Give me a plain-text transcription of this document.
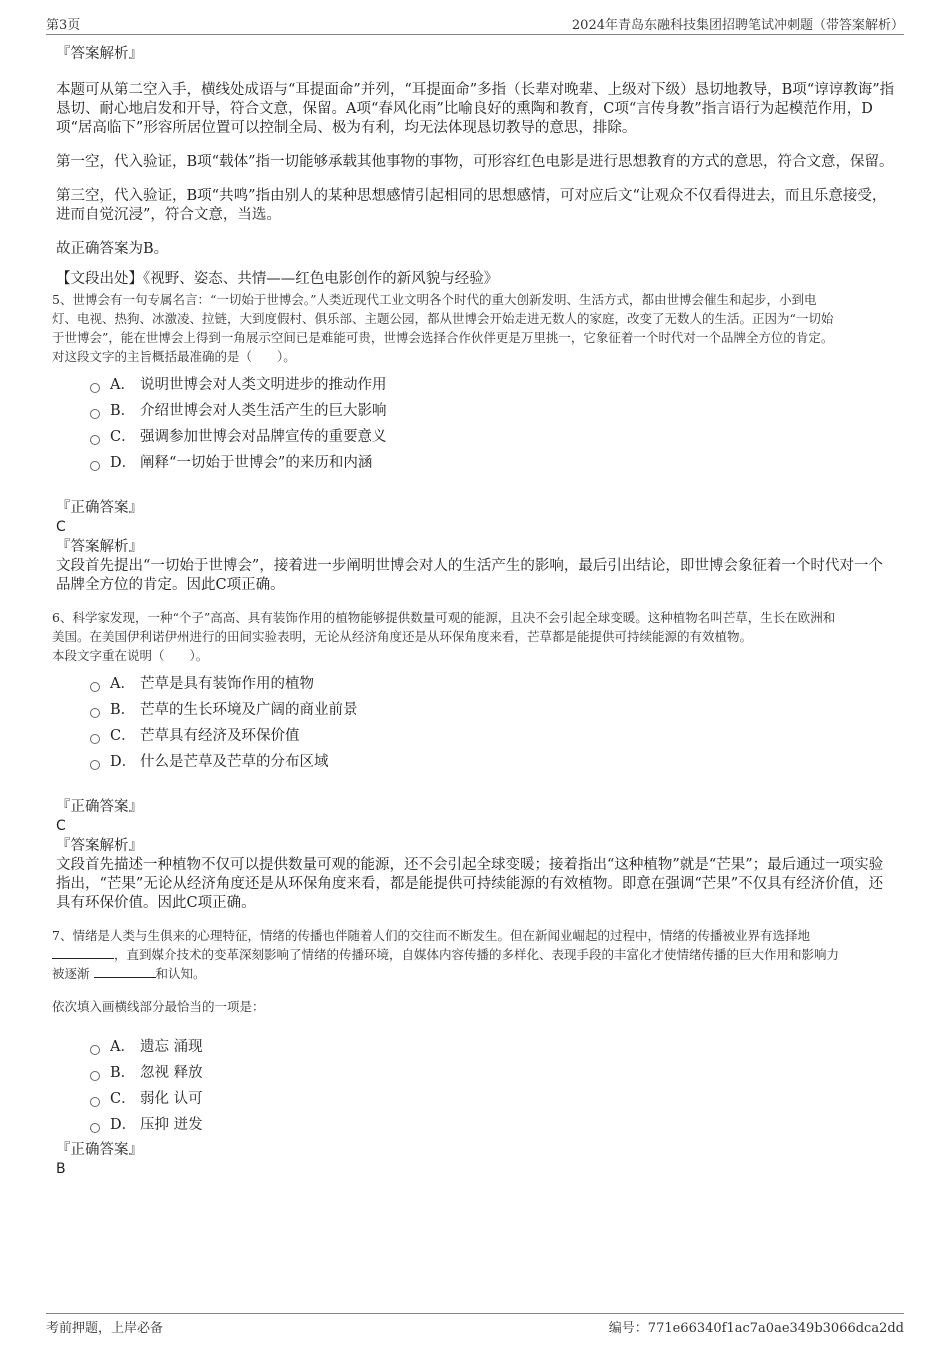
第3页	2024年青岛东融科技集团招聘笔试冲刺题（带答案解析）

『答案解析』

本题可从第二空入手，横线处成语与“耳提面命”并列，“耳提面命”多指（长辈对晚辈、上级对下级）恳切地教导，B项“谆谆教诲”指恳切、耐心地启发和开导，符合文意，保留。A项“春风化雨”比喻良好的熏陶和教育，C项“言传身教”指言语行为起模范作用，D项“居高临下”形容所居位置可以控制全局、极为有利，均无法体现恳切教导的意思，排除。

第一空，代入验证，B项“载体”指一切能够承载其他事物的事物，可形容红色电影是进行思想教育的方式的意思，符合文意，保留。

第三空，代入验证，B项“共鸣”指由别人的某种思想感情引起相同的思想感情，可对应后文“让观众不仅看得进去，而且乐意接受，进而自觉沉浸”，符合文意，当选。

故正确答案为B。

【文段出处】《视野、姿态、共情——红色电影创作的新风貌与经验》

5、世博会有一句专属名言：“一切始于世博会。”人类近现代工业文明各个时代的重大创新发明、生活方式，都由世博会催生和起步，小到电

灯、电视、热狗、冰激凌、拉链，大到度假村、俱乐部、主题公园，都从世博会开始走进无数人的家庭，改变了无数人的生活。正因为“一切始

于世博会”，能在世博会上得到一角展示空间已是难能可贵，世博会选择合作伙伴更是万里挑一，它象征着一个时代对一个品牌全方位的肯定。

对这段文字的主旨概括最准确的是（　　）。

A． 说明世博会对人类文明进步的推动作用
B． 介绍世博会对人类生活产生的巨大影响
C． 强调参加世博会对品牌宣传的重要意义
D． 阐释“一切始于世博会”的来历和内涵

『正确答案』

C

『答案解析』

文段首先提出“一切始于世博会”，接着进一步阐明世博会对人的生活产生的影响，最后引出结论，即世博会象征着一个时代对一个品牌全方位的肯定。因此C项正确。

6、科学家发现，一种“个子”高高、具有装饰作用的植物能够提供数量可观的能源，且决不会引起全球变暖。这种植物名叫芒草，生长在欧洲和

美国。在美国伊利诺伊州进行的田间实验表明，无论从经济角度还是从环保角度来看，芒草都是能提供可持续能源的有效植物。

本段文字重在说明（　　）。

A． 芒草是具有装饰作用的植物
B． 芒草的生长环境及广阔的商业前景
C． 芒草具有经济及环保价值
D． 什么是芒草及芒草的分布区域

『正确答案』

C

『答案解析』

文段首先描述一种植物不仅可以提供数量可观的能源，还不会引起全球变暖；接着指出“这种植物”就是“芒果”；最后通过一项实验指出，“芒果”无论从经济角度还是从环保角度来看，都是能提供可持续能源的有效植物。即意在强调“芒果”不仅具有经济价值，还具有环保价值。因此C项正确。

7、情绪是人类与生俱来的心理特征，情绪的传播也伴随着人们的交往而不断发生。但在新闻业崛起的过程中，情绪的传播被业界有选择地

，直到媒介技术的变革深刻影响了情绪的传播环境，自媒体内容传播的多样化、表现手段的丰富化才使情绪传播的巨大作用和影响力

被逐渐	和认知。

依次填入画横线部分最恰当的一项是：

A． 遗忘 涌现
B． 忽视 释放
C． 弱化 认可
D． 压抑 迸发

『正确答案』

B

考前押题，上岸必备	编号：771e66340f1ac7a0ae349b3066dca2dd
